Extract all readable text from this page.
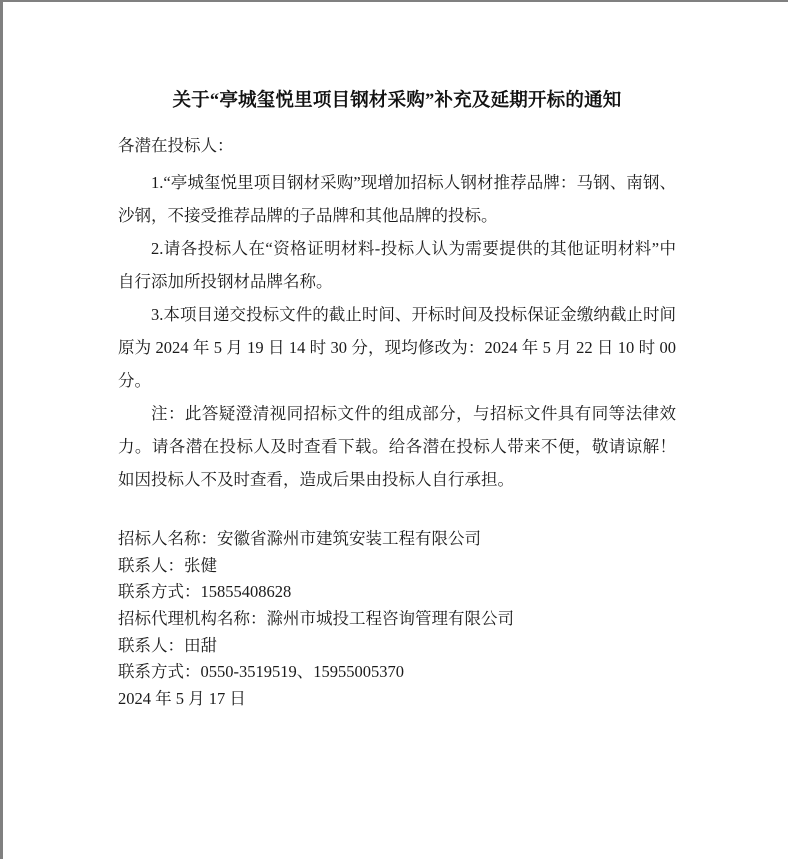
关于“亭城玺悦里项目钢材采购”补充及延期开标的通知

各潜在投标人：

1.“亭城玺悦里项目钢材采购”现增加招标人钢材推荐品牌：马钢、南钢、沙钢，不接受推荐品牌的子品牌和其他品牌的投标。

2.请各投标人在“资格证明材料-投标人认为需要提供的其他证明材料”中自行添加所投钢材品牌名称。

3.本项目递交投标文件的截止时间、开标时间及投标保证金缴纳截止时间原为 2024 年 5 月 19 日 14 时 30 分，现均修改为：2024 年 5 月 22 日 10 时 00 分。

注：此答疑澄清视同招标文件的组成部分，与招标文件具有同等法律效力。请各潜在投标人及时查看下载。给各潜在投标人带来不便，敬请谅解！如因投标人不及时查看，造成后果由投标人自行承担。

招标人名称：安徽省滁州市建筑安装工程有限公司

联系人：张健

联系方式：15855408628

招标代理机构名称：滁州市城投工程咨询管理有限公司

联系人：田甜

联系方式：0550-3519519、15955005370

2024 年 5 月 17 日
